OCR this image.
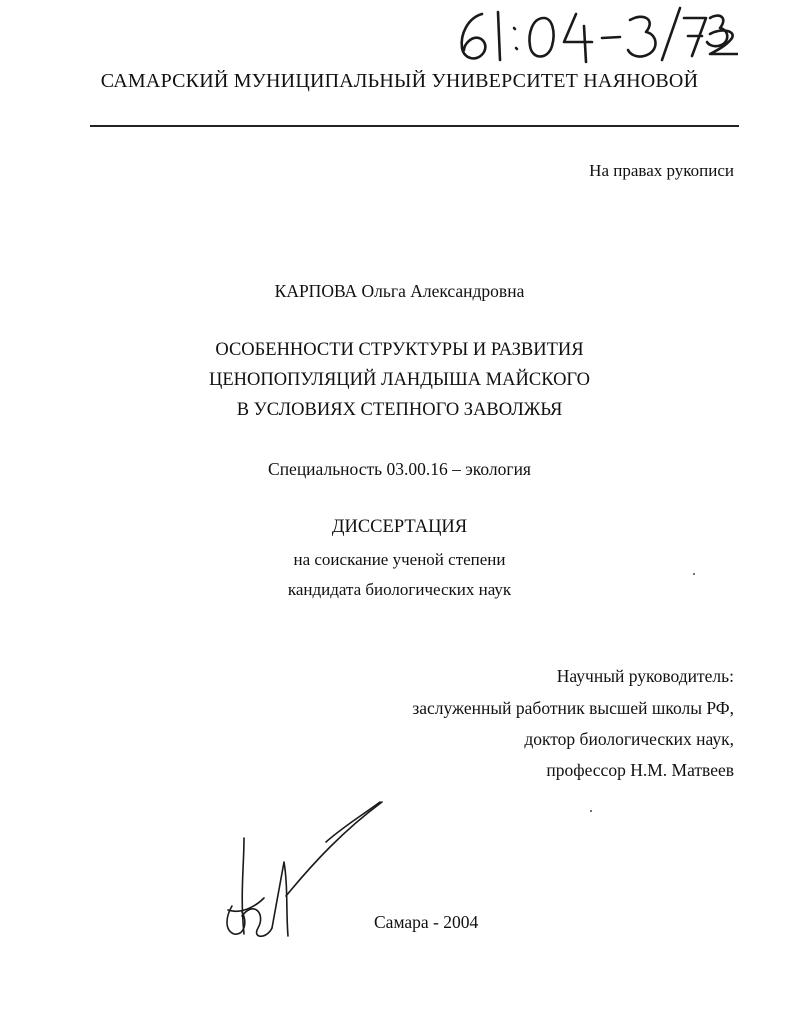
САМАРСКИЙ МУНИЦИПАЛЬНЫЙ УНИВЕРСИТЕТ НАЯНОВОЙ
На правах рукописи
КАРПОВА Ольга Александровна
ОСОБЕННОСТИ СТРУКТУРЫ И РАЗВИТИЯ
ЦЕНОПОПУЛЯЦИЙ ЛАНДЫША МАЙСКОГО
В УСЛОВИЯХ СТЕПНОГО ЗАВОЛЖЬЯ
Специальность 03.00.16 – экология
ДИССЕРТАЦИЯ
на соискание ученой степени
кандидата биологических наук
Научный руководитель:
заслуженный работник высшей школы РФ,
доктор биологических наук,
профессор Н.М. Матвеев
Самара - 2004
